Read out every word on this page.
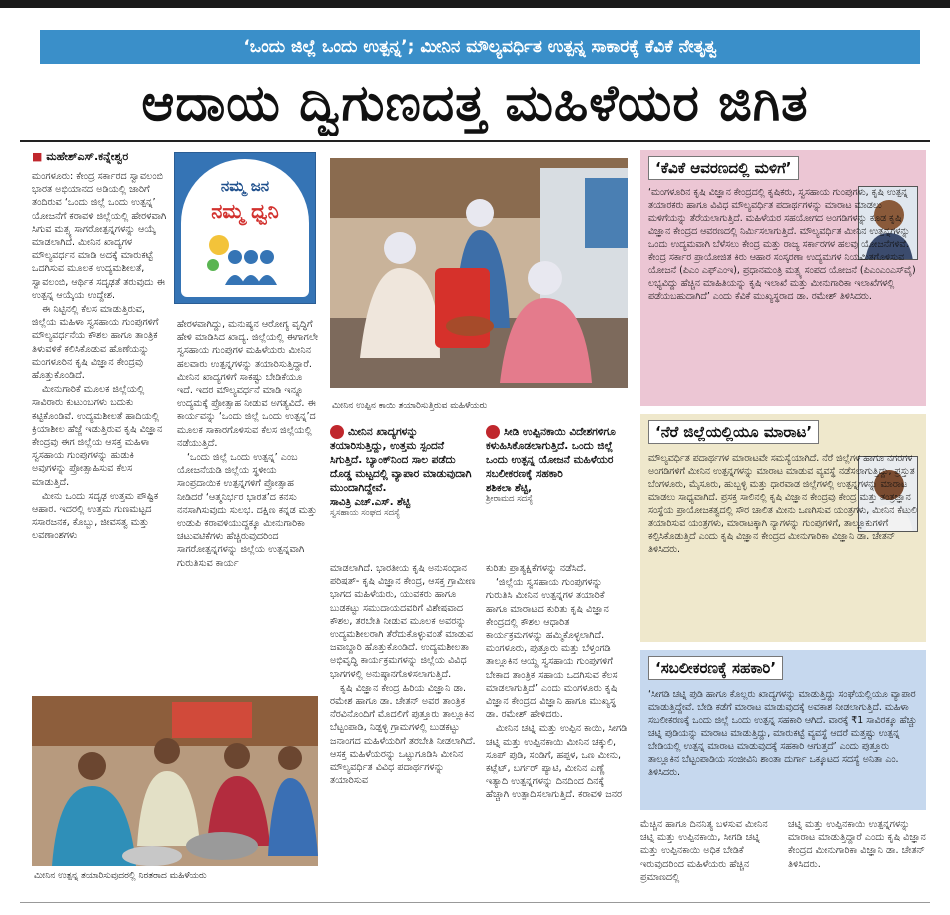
‘ಒಂದು ಜಿಲ್ಲೆ ಒಂದು ಉತ್ಪನ್ನ’; ಮೀನಿನ ಮೌಲ್ಯವರ್ಧಿತ ಉತ್ಪನ್ನ ಸಾಕಾರಕ್ಕೆ ಕೆವಿಕೆ ನೇತೃತ್ವ
ಆದಾಯ ದ್ವಿಗುಣದತ್ತ ಮಹಿಳೆಯರ ಜಿಗಿತ
■ ಮಹೇಶ್‌ಎಸ್.ಕನ್ನೇಶ್ವರ

ಮಂಗಳೂರು: ಕೇಂದ್ರ ಸರ್ಕಾರದ ಸ್ವಾವಲಂಬಿ ಭಾರತ ಅಭಿಯಾನದ ಅಡಿಯಲ್ಲಿ ಜಾರಿಗೆ ತಂದಿರುವ ‘ಒಂದು ಜಿಲ್ಲೆ ಒಂದು ಉತ್ಪನ್ನ’ ಯೋಜನೆಗೆ ಕರಾವಳಿ ಜಿಲ್ಲೆಯಲ್ಲಿ ಹೇರಳವಾಗಿ ಸಿಗುವ ಮತ್ಸ್ಯ ಸಾಗರೋತ್ಪನ್ನಗಳನ್ನು ಆಯ್ಕೆ ಮಾಡಲಾಗಿದೆ. ಮೀನಿನ ಖಾದ್ಯಗಳ ಮೌಲ್ಯವರ್ಧನ ಮಾಡಿ ಅದಕ್ಕೆ ಮಾರುಕಟ್ಟೆ ಒದಗಿಸುವ ಮೂಲಕ ಉದ್ಯಮಶೀಲತೆ, ಸ್ವಾವಲಂಬಿ, ಆರ್ಥಿಕ ಸದೃಢತೆ ತರುವುದು ಈ ಉತ್ಪನ್ನ ಆಯ್ಕೆಯ ಉದ್ದೇಶ.

ಈ ನಿಟ್ಟಿನಲ್ಲಿ ಕೆಲಸ ಮಾಡುತ್ತಿರುವ, ಜಿಲ್ಲೆಯ ಮಹಿಳಾ ಸ್ವಸಹಾಯ ಗುಂಪುಗಳಿಗೆ ಮೌಲ್ಯವರ್ಧನೆಯ ಕೌಶಲ ಹಾಗೂ ತಾಂತ್ರಿಕ ತಿಳುವಳಿಕೆ ಕಲಿಸಿಕೊಡುವ ಹೊಣೆಯನ್ನು ಮಂಗಳೂರಿನ ಕೃಷಿ ವಿಜ್ಞಾನ ಕೇಂದ್ರವು ಹೊತ್ತುಕೊಂಡಿದೆ.

ಮೀನುಗಾರಿಕೆ ಮೂಲಕ ಜಿಲ್ಲೆಯಲ್ಲಿ ಸಾವಿರಾರು ಕುಟುಂಬಗಳು ಬದುಕು ಕಟ್ಟಿಕೊಂಡಿವೆ. ಉದ್ಯಮಶೀಲತೆ ಹಾದಿಯಲ್ಲಿ ಕ್ರಿಯಾಶೀಲ ಹೆಜ್ಜೆ ಇಡುತ್ತಿರುವ ಕೃಷಿ ವಿಜ್ಞಾನ ಕೇಂದ್ರವು ಈಗ ಜಿಲ್ಲೆಯ ಆಸಕ್ತ ಮಹಿಳಾ ಸ್ವಸಹಾಯ ಗುಂಪುಗಳನ್ನು ಹುಡುಕಿ ಅವುಗಳನ್ನು ಪ್ರೋತ್ಸಾಹಿಸುವ ಕೆಲಸ ಮಾಡುತ್ತಿದೆ.

ಮೀನು ಒಂದು ಸದೃಢ ಉತ್ತಮ ಪೌಷ್ಟಿಕ ಆಹಾರ. ಇದರಲ್ಲಿ ಉತ್ತಮ ಗುಣಮಟ್ಟದ ಸಸಾರಜನಕ, ಕೊಬ್ಬು, ಜೀವಸತ್ವ ಮತ್ತು ಲವಣಾಂಶಗಳು

ನಮ್ಮ ಜನ
ನಮ್ಮ ಧ್ವನಿ

ಹೇರಳವಾಗಿದ್ದು, ಮನುಷ್ಯನ ಆರೋಗ್ಯ ವೃದ್ಧಿಗೆ ಹೇಳಿ ಮಾಡಿಸಿದ ಖಾದ್ಯ. ಜಿಲ್ಲೆಯಲ್ಲಿ ಈಗಾಗಲೇ ಸ್ವಸಹಾಯ ಗುಂಪುಗಳ ಮಹಿಳೆಯರು ಮೀನಿನ ಹಲವಾರು ಉತ್ಪನ್ನಗಳನ್ನು ತಯಾರಿಸುತ್ತಿದ್ದಾರೆ. ಮೀನಿನ ಖಾದ್ಯಗಳಿಗೆ ಸಾಕಷ್ಟು ಬೇಡಿಕೆಯೂ ಇದೆ. ಇದರ ಮೌಲ್ಯವರ್ಧನೆ ಮಾಡಿ ಇನ್ನೂ ಉದ್ಯಮಕ್ಕೆ ಪ್ರೋತ್ಸಾಹ ನೀಡುವ ಅಗತ್ಯವಿದೆ. ಈ ಕಾರ್ಯವನ್ನು ‘ಒಂದು ಜಿಲ್ಲೆ ಒಂದು ಉತ್ಪನ್ನ’ದ ಮೂಲಕ ಸಾಕಾರಗೊಳಿಸುವ ಕೆಲಸ ಜಿಲ್ಲೆಯಲ್ಲಿ ನಡೆಯುತ್ತಿದೆ.

‘ಒಂದು ಜಿಲ್ಲೆ ಒಂದು ಉತ್ಪನ್ನ’ ಎಂಬ ಯೋಜನೆಯಡಿ ಜಿಲ್ಲೆಯ ಸ್ಥಳೀಯ ಸಾಂಪ್ರದಾಯಿಕ ಉತ್ಪನ್ನಗಳಿಗೆ ಪ್ರೋತ್ಸಾಹ ನೀಡಿದರೆ ‘ಆತ್ಮನಿರ್ಭರ ಭಾರತ’ದ ಕನಸು ನನಸಾಗಿಸುವುದು ಸುಲಭ. ದಕ್ಷಿಣ ಕನ್ನಡ ಮತ್ತು ಉಡುಪಿ ಕರಾವಳಿಯುದ್ದಕ್ಕೂ ಮೀನುಗಾರಿಕಾ ಚಟುವಟಿಕೆಗಳು ಹೆಚ್ಚಿರುವುದರಿಂದ ಸಾಗರೋತ್ಪನ್ನಗಳನ್ನು ಜಿಲ್ಲೆಯ ಉತ್ಪನ್ನವಾಗಿ ಗುರುತಿಸುವ ಕಾರ್ಯ

ಮೀನಿನ ಉಪ್ಪಿನ ಕಾಯಿ ತಯಾರಿಸುತ್ತಿರುವ ಮಹಿಳೆಯರು
ಮೀನಿನ ಖಾದ್ಯಗಳನ್ನು ತಯಾರಿಸುತ್ತಿದ್ದು, ಉತ್ತಮ ಸ್ಪಂದನೆ ಸಿಗುತ್ತಿದೆ. ಬ್ಯಾಂಕ್‌ನಿಂದ ಸಾಲ ಪಡೆದು ದೊಡ್ಡ ಮಟ್ಟದಲ್ಲಿ ವ್ಯಾಪಾರ ಮಾಡುವುದಾಗಿ ಮುಂದಾಗಿದ್ದೇವೆ.
ಸಾವಿತ್ರಿ ಎಚ್.ಎಸ್. ಶೆಟ್ಟಿ
ಸ್ವಸಹಾಯ ಸಂಘದ ಸದಸ್ಯೆ
ಸೀಡಿ ಉಪ್ಪಿನಕಾಯಿ ವಿದೇಶಗಳಿಗೂ ಕಳುಹಿಸಿಕೊಡಲಾಗುತ್ತಿದೆ. ಒಂದು ಜಿಲ್ಲೆ ಒಂದು ಉತ್ಪನ್ನ ಯೋಜನೆ ಮಹಿಳೆಯರ ಸಬಲೀಕರಣಕ್ಕೆ ಸಹಕಾರಿ
ಶಶಿಕಲಾ ಶೆಟ್ಟಿ,
ಶ್ರೀರಾಮದ ಸದಸ್ಯೆ

ಮಾಡಲಾಗಿದೆ. ಭಾರತೀಯ ಕೃಷಿ ಅನುಸಂಧಾನ ಪರಿಷತ್- ಕೃಷಿ ವಿಜ್ಞಾನ ಕೇಂದ್ರ, ಆಸಕ್ತ ಗ್ರಾಮೀಣ ಭಾಗದ ಮಹಿಳೆಯರು, ಯುವಕರು ಹಾಗೂ ಬುಡಕಟ್ಟು ಸಮುದಾಯದವರಿಗೆ ವಿಶೇಷವಾದ ಕೌಶಲ, ತರಬೇತಿ ನೀಡುವ ಮೂಲಕ ಅವರನ್ನು ಉದ್ಯಮಶೀಲರಾಗಿ ತೆರೆದುಕೊಳ್ಳುವಂತೆ ಮಾಡುವ ಜವಾಬ್ದಾರಿ ಹೊತ್ತುಕೊಂಡಿದೆ. ಉದ್ಯಮಶೀಲತಾ ಅಭಿವೃದ್ಧಿ ಕಾರ್ಯಕ್ರಮಗಳನ್ನು ಜಿಲ್ಲೆಯ ವಿವಿಧ ಭಾಗಗಳಲ್ಲಿ ಅನುಷ್ಠಾನಗೊಳಿಸಲಾಗುತ್ತಿದೆ.

ಕೃಷಿ ವಿಜ್ಞಾನ ಕೇಂದ್ರ ಹಿರಿಯ ವಿಜ್ಞಾನಿ ಡಾ. ರಮೇಶ ಹಾಗೂ ಡಾ. ಚೇತನ್ ಅವರ ತಾಂತ್ರಿಕ ನೆರವಿನೊಂದಿಗೆ ಮೊದಲಿಗೆ ಪುತ್ತೂರು ತಾಲ್ಲೂಕಿನ ಬೆಟ್ಟಂಪಾಡಿ, ನಿಡ್ಪಳ್ಳಿ ಗ್ರಾಮಗಳಲ್ಲಿ ಬುಡಕಟ್ಟು ಜನಾಂಗದ ಮಹಿಳೆಯರಿಗೆ ತರಬೇತಿ ನೀಡಲಾಗಿದೆ. ಆಸಕ್ತ ಮಹಿಳೆಯರನ್ನು ಒಟ್ಟುಗೂಡಿಸಿ ಮೀನಿನ ಮೌಲ್ಯವರ್ಧಿತ ವಿವಿಧ ಪದಾರ್ಥಗಳನ್ನು ತಯಾರಿಸುವ

ಕುರಿತು ಪ್ರಾತ್ಯಕ್ಷಿಕೆಗಳನ್ನು ನಡೆಸಿದೆ.

‘ಜಿಲ್ಲೆಯ ಸ್ವಸಹಾಯ ಗುಂಪುಗಳನ್ನು ಗುರುತಿಸಿ ಮೀನಿನ ಉತ್ಪನ್ನಗಳ ತಯಾರಿಕೆ ಹಾಗೂ ಮಾರಾಟದ ಕುರಿತು ಕೃಷಿ ವಿಜ್ಞಾನ ಕೇಂದ್ರದಲ್ಲಿ ಕೌಶಲ ಆಧಾರಿತ ಕಾರ್ಯಕ್ರಮಗಳನ್ನು ಹಮ್ಮಿಕೊಳ್ಳಲಾಗಿದೆ. ಮಂಗಳೂರು, ಪುತ್ತೂರು ಮತ್ತು ಬೆಳ್ತಂಗಡಿ ತಾಲ್ಲೂಕಿನ ಆಯ್ದ ಸ್ವಸಹಾಯ ಗುಂಪುಗಳಿಗೆ ಬೇಕಾದ ತಾಂತ್ರಿಕ ಸಹಾಯ ಒದಗಿಸುವ ಕೆಲಸ ಮಾಡಲಾಗುತ್ತಿದೆ’ ಎಂದು ಮಂಗಳೂರು ಕೃಷಿ ವಿಜ್ಞಾನ ಕೇಂದ್ರದ ವಿಜ್ಞಾನಿ ಹಾಗೂ ಮುಖ್ಯಸ್ಥ ಡಾ. ರಮೇಶ್ ಹೇಳಿದರು.

ಮೀನಿನ ಚಟ್ನಿ ಮತ್ತು ಉಪ್ಪಿನ ಕಾಯಿ, ಸೀಗಡಿ ಚಟ್ನಿ ಮತ್ತು ಉಪ್ಪಿನಕಾಯಿ ಮೀನಿನ ಚಕ್ಕುಲಿ, ಸೂಪ್ ಪುಡಿ, ಸಂಡಿಗೆ, ಹಪ್ಪಳ, ಒಣ ಮೀನು, ಕಟ್ಲೆಟ್, ಬರ್ಗರ್ ಪ್ಯಾಟಿ, ಮೀನಿನ ಎಣ್ಣೆ ಇತ್ಯಾದಿ ಉತ್ಪನ್ನಗಳನ್ನು ದಿನದಿಂದ ದಿನಕ್ಕೆ ಹೆಚ್ಚಾಗಿ ಉತ್ಪಾದಿಸಲಾಗುತ್ತಿದೆ. ಕರಾವಳಿ ಜನರ

ಮೀನಿನ ಉತ್ಪನ್ನ ತಯಾರಿಸುವುದರಲ್ಲಿ ನಿರತರಾದ ಮಹಿಳೆಯರು
‘ಕೆವಿಕೆ ಆವರಣದಲ್ಲಿ ಮಳಿಗೆ’
‘ಮಂಗಳೂರಿನ ಕೃಷಿ ವಿಜ್ಞಾನ ಕೇಂದ್ರದಲ್ಲಿ ಕೃಷಿಕರು, ಸ್ವಸಹಾಯ ಗುಂಪುಗಳು, ಕೃಷಿ ಉತ್ಪನ್ನ ತಯಾರಕರು ಹಾಗೂ ವಿವಿಧ ಮೌಲ್ಯವರ್ಧಿತ ಪದಾರ್ಥಗಳನ್ನು ಮಾರಾಟ ಮಾಡಲು ಮಳಿಗೆಯನ್ನು ತೆರೆಯಲಾಗುತ್ತಿದೆ. ಮಹಿಳೆಯರ ಸಹಯೋಗದ ಅಂಗಡಿಗಳನ್ನು ಕೂಡ ಕೃಷಿ ವಿಜ್ಞಾನ ಕೇಂದ್ರದ ಆವರಣದಲ್ಲಿ ನಿರ್ಮಿಸಲಾಗುತ್ತಿದೆ. ಮೌಲ್ಯವರ್ಧಿತ ಮೀನಿನ ಉತ್ಪನ್ನಗಳನ್ನು ಒಂದು ಉದ್ಯಮವಾಗಿ ಬೆಳೆಸಲು ಕೇಂದ್ರ ಮತ್ತು ರಾಜ್ಯ ಸರ್ಕಾರಗಳ ಹಲವು ಯೋಜನೆಗಳಿವೆ. ಕೇಂದ್ರ ಸರ್ಕಾರ ಪ್ರಾಯೋಜಿತ ಕಿರು ಆಹಾರ ಸಂಸ್ಕರಣಾ ಉದ್ಯಮಗಳ ನಿಯಮಿತಗೊಳಿಸುವ ಯೋಜನೆ (ಪಿಎಂ ಎಫ್‌ಎಂಇ), ಪ್ರಧಾನಮಂತ್ರಿ ಮತ್ಸ್ಯ ಸಂಪದ ಯೋಜನೆ (ಪಿಎಂಎಂಎಸ್‌ವೈ) ಲಭ್ಯವಿದ್ದು ಹೆಚ್ಚಿನ ಮಾಹಿತಿಯನ್ನು ಕೃಷಿ ಇಲಾಖೆ ಮತ್ತು ಮೀನುಗಾರಿಕಾ ಇಲಾಖೆಗಳಲ್ಲಿ ಪಡೆಯಬಹುದಾಗಿದೆ’ ಎಂದು ಕೆವಿಕೆ ಮುಖ್ಯಸ್ಥರಾದ ಡಾ. ರಮೇಶ್ ತಿಳಿಸಿದರು.
‘ನೆರೆ ಜಿಲ್ಲೆಯಲ್ಲಿಯೂ ಮಾರಾಟ’
ಮೌಲ್ಯವರ್ಧಿತ ಪದಾರ್ಥಗಳ ಮಾರಾಟವೇ ಸಮಸ್ಯೆಯಾಗಿದೆ. ನೆರೆ ಜಿಲ್ಲೆಗಳ ಹಾಗೂ ನಗರಗಳ ಅಂಗಡಿಗಳಿಗೆ ಮೀನಿನ ಉತ್ಪನ್ನಗಳನ್ನು ಮಾರಾಟ ಮಾಡುವ ವ್ಯವಸ್ಥೆ ನಡೆಸಲಾಗುತ್ತಿದ್ದು, ಪ್ರಸ್ತುತ ಬೆಂಗಳೂರು, ಮೈಸೂರು, ಹುಬ್ಬಳ್ಳಿ ಮತ್ತು ಧಾರವಾಡ ಜಿಲ್ಲೆಗಳಲ್ಲಿ ಉತ್ಪನ್ನಗಳನ್ನು ಮಾರಾಟ ಮಾಡಲು ಸಾಧ್ಯವಾಗಿದೆ. ಪ್ರಸಕ್ತ ಸಾಲಿನಲ್ಲಿ ಕೃಷಿ ವಿಜ್ಞಾನ ಕೇಂದ್ರವು ಕೇಂದ್ರ ಮತ್ತು ತಂತ್ರಜ್ಞಾನ ಸಂಸ್ಥೆಯ ಪ್ರಾಯೋಜಕತ್ವದಲ್ಲಿ ಸೌರ ಚಾಲಿತ ಮೀನು ಒಣಗಿಸುವ ಯಂತ್ರಗಳು, ಮೀನಿನ ಕೆಟುಲಿ ತಯಾರಿಸುವ ಯಂತ್ರಗಳು, ಮಾರಾಟಕ್ಕಾಗಿ ನ್ಯಾಗಳನ್ನು ಗುಂಪುಗಳಿಗೆ, ತಾಲ್ಲೂಕುಗಳಿಗೆ ಕಲ್ಪಿಸಿಕೊಡುತ್ತಿದೆ ಎಂದು ಕೃಷಿ ವಿಜ್ಞಾನ ಕೇಂದ್ರದ ಮೀನುಗಾರಿಕಾ ವಿಜ್ಞಾನಿ ಡಾ. ಚೇತನ್ ತಿಳಿಸಿದರು.
‘ಸಬಲೀಕರಣಕ್ಕೆ ಸಹಕಾರಿ’
‘ಸೀಗಡಿ ಚಟ್ನಿ ಪುಡಿ ಹಾಗೂ ಕೊಲ್ಲರು ಖಾದ್ಯಗಳನ್ನು ಮಾಡುತ್ತಿದ್ದು ಸಂಘೆಯಲ್ಲಿಯೂ ವ್ಯಾಪಾರ ಮಾಡುತ್ತಿದ್ದೇವೆ. ಬೇಡಿ ಕಡೆಗೆ ಮಾರಾಟ ಮಾಡುವುದಕ್ಕೆ ಅವಕಾಶ ನೀಡಲಾಗುತ್ತಿದೆ. ಮಹಿಳಾ ಸಬಲೀಕರಣಕ್ಕೆ ಒಂದು ಜಿಲ್ಲೆ ಒಂದು ಉತ್ಪನ್ನ ಸಹಕಾರಿ ಆಗಿದೆ. ವಾರಕ್ಕೆ ₹1 ಸಾವಿರಕ್ಕೂ ಹೆಚ್ಚು ಚಟ್ನಿ ಪುಡಿಯನ್ನು ಮಾರಾಟ ಮಾಡುತ್ತಿದ್ದು, ಮಾರುಕಟ್ಟೆ ವ್ಯವಸ್ಥೆ ಆದರೆ ಮತ್ತಷ್ಟು ಉತ್ಪನ್ನ ಬೇಡಿಯಲ್ಲಿ ಉತ್ಪನ್ನ ಮಾರಾಟ ಮಾಡುವುದಕ್ಕೆ ಸಹಕಾರಿ ಆಗುತ್ತದೆ’ ಎಂದು ಪುತ್ತೂರು ತಾಲ್ಲೂಕಿನ ಬೆಟ್ಟಂಪಾಡಿಯ ಸಂಜೀವಿನಿ ಶಾಂತಾ ದುರ್ಗಾ ಒಕ್ಕೂಟದ ಸದಸ್ಯೆ ಅನಿತಾ ಎಂ. ತಿಳಿಸಿದರು.

ಮೆಚ್ಚಿನ ಹಾಗೂ ದಿನನಿತ್ಯ ಬಳಸುವ ಮೀನಿನ ಚಟ್ನಿ ಮತ್ತು ಉಪ್ಪಿನಕಾಯಿ, ಸೀಗಡಿ ಚಟ್ನಿ ಮತ್ತು ಉಪ್ಪಿನಕಾಯಿ ಅಧಿಕ ಬೇಡಿಕೆ ಇರುವುದರಿಂದ ಮಹಿಳೆಯರು ಹೆಚ್ಚಿನ ಪ್ರಮಾಣದಲ್ಲಿ

ಚಟ್ನಿ ಮತ್ತು ಉಪ್ಪಿನಕಾಯಿ ಉತ್ಪನ್ನಗಳನ್ನು ಮಾರಾಟ ಮಾಡುತ್ತಿದ್ದಾರೆ ಎಂದು ಕೃಷಿ ವಿಜ್ಞಾನ ಕೇಂದ್ರದ ಮೀನುಗಾರಿಕಾ ವಿಜ್ಞಾನಿ ಡಾ. ಚೇತನ್ ತಿಳಿಸಿದರು.
